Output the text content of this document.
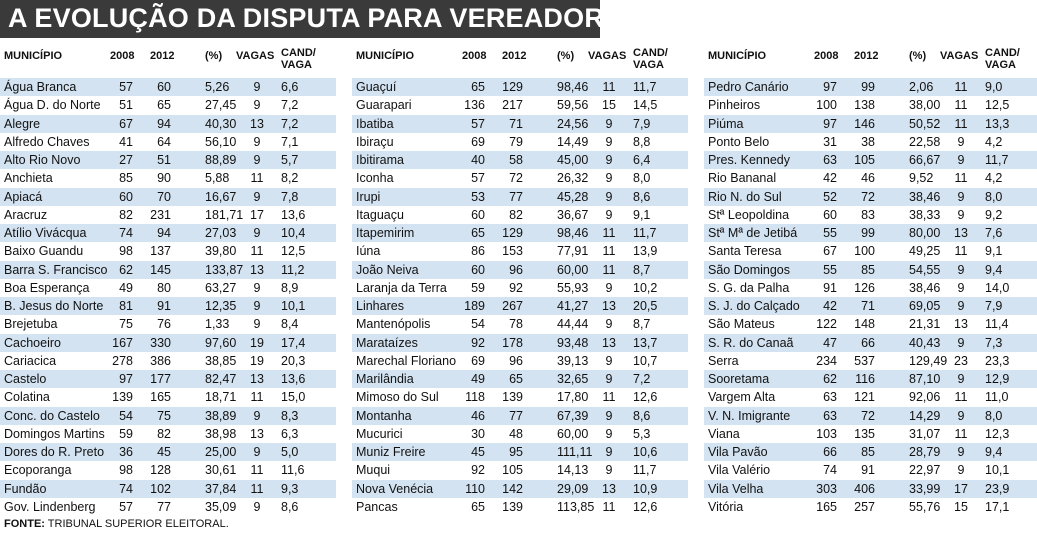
A EVOLUÇÃO DA DISPUTA PARA VEREADOR
MUNICÍPIO	2008 2012	(%) VAGAS CAND/
VAGA
Água Branca	57 60	5,26	9	6,6
Água D. do Norte 51 65	27,45	9	7,2
Alegre	67 94	40,30 13 7,2
Alfredo Chaves 41 64	56,10	9	7,1
Alto Rio Novo	27 51	88,89	9	5,7
Anchieta	85 90	5,88 11 8,2
Apiacá	60 70	16,67	9	7,8
Aracruz	82 231	181,71 17 13,6
Atílio Vivácqua	74 94	27,03	9	10,4
Baixo Guandu	98 137	39,80 11 12,5
Barra S. Francisco 62 145	133,87 13 11,2
Boa Esperança 49 80	63,27	9	8,9
B. Jesus do Norte 81 91	12,35	9	10,1
Brejetuba	75 76	1,33	9	8,4
Cachoeiro	167 330	97,60 19 17,4
Cariacica	278 386	38,85 19 20,3
Castelo	97 177	82,47 13 13,6
Colatina	139 165	18,71 11 15,0
Conc. do Castelo 54 75	38,89	9	8,3
Domingos Martins 59 82	38,98 13 6,3
Dores do R. Preto 36 45	25,00	9	5,0
Ecoporanga	98 128	30,61 11 11,6
Fundão	74 102	37,84 11 9,3
Gov. Lindenberg 57 77	35,09	9	8,6
MUNICÍPIO	2008 2012	(%) VAGAS CAND/
VAGA
Guaçuí	65 129	98,46 11 11,7
Guarapari	136 217	59,56 15 14,5
Ibatiba	57 71	24,56	9	7,9
Ibiraçu	69 79	14,49	9	8,8
Ibitirama	40 58	45,00	9	6,4
Iconha	57 72	26,32	9	8,0
Irupi	53 77	45,28	9	8,6
Itaguaçu	60 82	36,67	9	9,1
Itapemirim	65 129	98,46 11 11,7
Iúna	86 153	77,91 11 13,9
João Neiva	60 96	60,00 11 8,7
Laranja da Terra 59 92	55,93	9	10,2
Linhares	189 267	41,27 13 20,5
Mantenópolis	54 78	44,44	9	8,7
Marataízes	92 178	93,48 13 13,7
Marechal Floriano 69 96	39,13	9	10,7
Marilândia	49 65	32,65	9	7,2
Mimoso do Sul 118 139	17,80 11 12,6
Montanha	46 77	67,39	9	8,6
Mucurici	30 48	60,00	9	5,3
Muniz Freire	45 95	111,11	9	10,6
Muqui	92 105	14,13	9	11,7
Nova Venécia	110 142	29,09 13 10,9
Pancas	65 139	113,85 11 12,6
MUNICÍPIO	2008 2012	(%) VAGAS CAND/
VAGA
Pedro Canário	97 99	2,06 11 9,0
Pinheiros	100 138	38,00 11 12,5
Piúma	97 146	50,52 11 13,3
Ponto Belo	31 38	22,58	9	4,2
Pres. Kennedy	63 105	66,67	9	11,7
Rio Bananal	42 46	9,52 11 4,2
Rio N. do Sul	52 72	38,46	9	8,0
Stª Leopoldina	60 83	38,33	9	9,2
Stª Mª de Jetibá 55 99	80,00 13 7,6
Santa Teresa	67 100	49,25 11 9,1
São Domingos	55 85	54,55	9	9,4
S. G. da Palha	91 126	38,46	9	14,0
S. J. do Calçado 42 71	69,05	9	7,9
São Mateus	122 148	21,31 13 11,4
S. R. do Canaã 47 66	40,43	9	7,3
Serra	234 537	129,49 23 23,3
Sooretama	62 116	87,10	9	12,9
Vargem Alta	63 121	92,06 11 11,0
V. N. Imigrante	63 72	14,29	9	8,0
Viana	103 135	31,07 11 12,3
Vila Pavão	66 85	28,79	9	9,4
Vila Valério	74 91	22,97	9	10,1
Vila Velha	303 406	33,99 17 23,9
Vitória	165 257	55,76 15 17,1
FONTE: TRIBUNAL SUPERIOR ELEITORAL.
